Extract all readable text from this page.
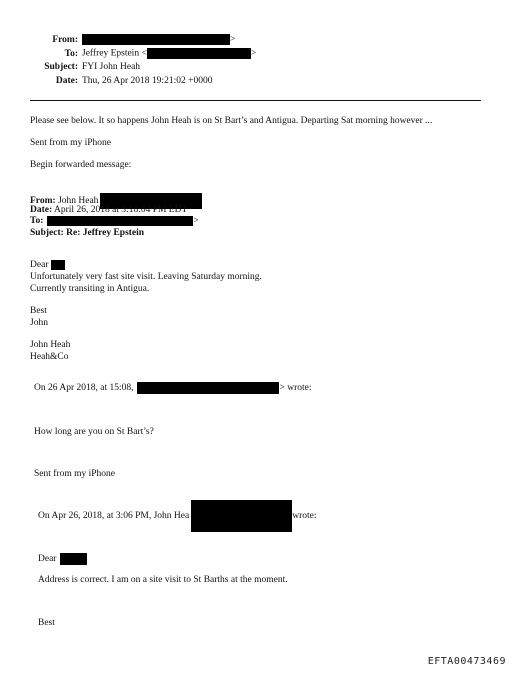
From:	>
To: Jeffrey Epstein <	>
Subject: FYI John Heah
Date: Thu, 26 Apr 2018 19:21:02 +0000
Please see below. It so happens John Heah is on St Bart’s and Antigua. Departing Sat morning however ...
Sent from my iPhone
Begin forwarded message:
From: John Heah
Date: April 26, 2018 at 3:18:04 PM EDT
To:	>
Subject: Re: Jeffrey Epstein
Dear
Unfortunately very fast site visit. Leaving Saturday morning.
Currently transiting in Antigua.
Best
John
John Heah
Heah&Co
On 26 Apr 2018, at 15:08,	> wrote:
How long are you on St Bart’s?
Sent from my iPhone
On Apr 26, 2018, at 3:06 PM, John Hea	wrote:
Dear
Address is correct. I am on a site visit to St Barths at the moment.
Best
EFTA00473469
